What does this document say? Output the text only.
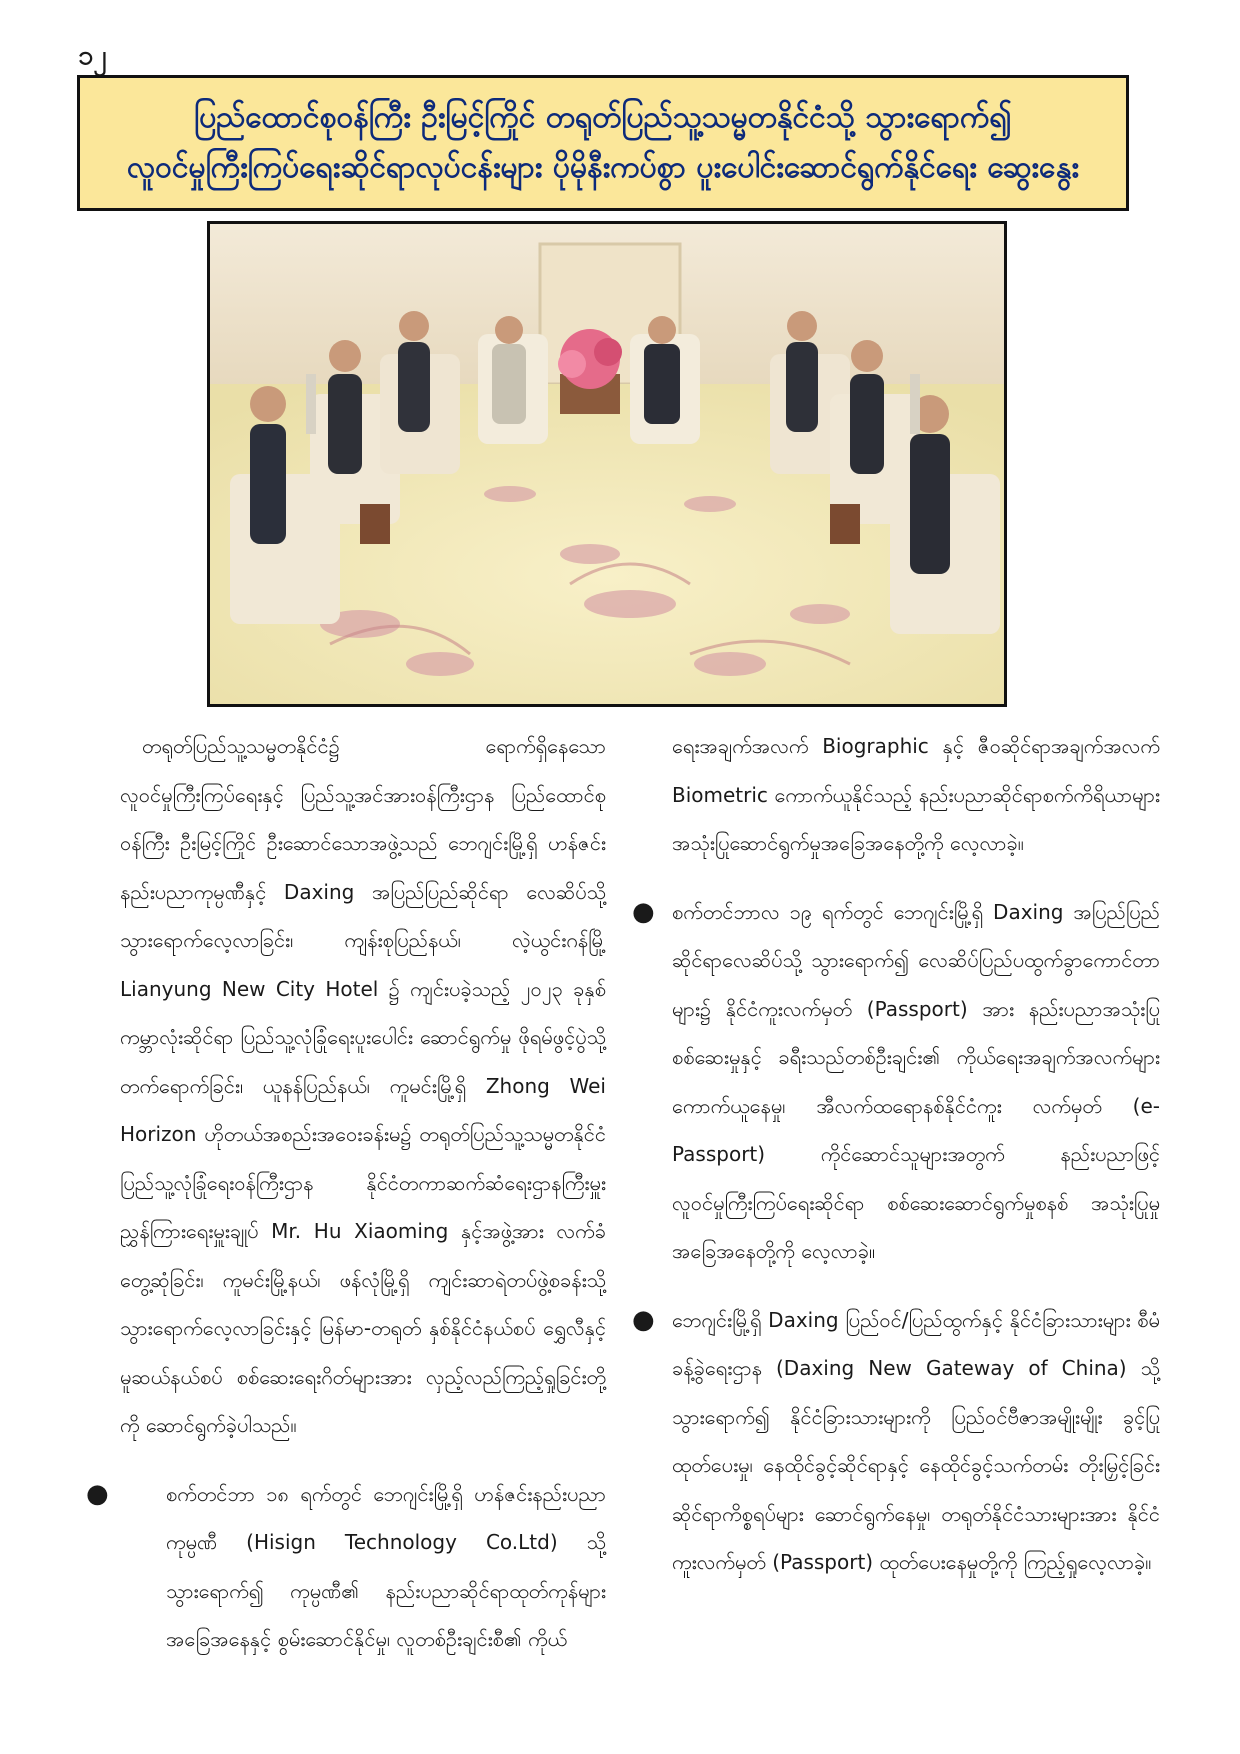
၁၂
ပြည်ထောင်စုဝန်ကြီး ဦးမြင့်ကြိုင် တရုတ်ပြည်သူ့သမ္မတနိုင်ငံသို့ သွားရောက်၍
လူဝင်မှုကြီးကြပ်ရေးဆိုင်ရာလုပ်ငန်းများ ပိုမိုနီးကပ်စွာ ပူးပေါင်းဆောင်ရွက်နိုင်ရေး ဆွေးနွေး

တရုတ်ပြည်သူ့သမ္မတနိုင်ငံ၌ ရောက်ရှိနေသော လူဝင်မှုကြီးကြပ်ရေးနှင့် ပြည်သူ့အင်အားဝန်ကြီးဌာန ပြည်ထောင်စုဝန်ကြီး ဦးမြင့်ကြိုင် ဦးဆောင်သောအဖွဲ့သည် ဘေဂျင်းမြို့ရှိ ဟန်ဇင်းနည်းပညာကုမ္ပဏီနှင့် Daxing အပြည်ပြည်ဆိုင်ရာ လေဆိပ်သို့ သွားရောက်လေ့လာခြင်း၊ ကျန်းစုပြည်နယ်၊ လဲ့ယွင်းဂန်မြို့ Lianyung New City Hotel ၌ ကျင်းပခဲ့သည့် ၂၀၂၃ ခုနှစ် ကမ္ဘာလုံးဆိုင်ရာ ပြည်သူ့လုံခြုံရေးပူးပေါင်း ဆောင်ရွက်မှု ဖိုရမ်ဖွင့်ပွဲသို့တက်ရောက်ခြင်း၊ ယူနန်ပြည်နယ်၊ ကူမင်းမြို့ရှိ Zhong Wei Horizon ဟိုတယ်အစည်းအဝေးခန်းမ၌ တရုတ်ပြည်သူ့သမ္မတနိုင်ငံ ပြည်သူ့လုံခြုံရေးဝန်ကြီးဌာန နိုင်ငံတကာဆက်ဆံရေးဌာနကြီးမှူး ညွှန်ကြားရေးမှူးချုပ် Mr. Hu Xiaoming နှင့်အဖွဲ့အား လက်ခံတွေ့ဆုံခြင်း၊ ကူမင်းမြို့နယ်၊ ဖန်လုံမြို့ရှိ ကျင်းဆာရဲတပ်ဖွဲ့စခန်းသို့သွားရောက်လေ့လာခြင်းနှင့် မြန်မာ-တရုတ် နှစ်နိုင်ငံနယ်စပ် ရွှေလီနှင့် မူဆယ်နယ်စပ် စစ်ဆေးရေးဂိတ်များအား လှည့်လည်ကြည့်ရှုခြင်းတို့ကို ဆောင်ရွက်ခဲ့ပါသည်။

●	စက်တင်ဘာ ၁၈ ရက်တွင် ဘေဂျင်းမြို့ရှိ ဟန်ဇင်းနည်းပညာကုမ္ပဏီ (Hisign Technology Co.Ltd) သို့ သွားရောက်၍ ကုမ္ပဏီ၏ နည်းပညာဆိုင်ရာထုတ်ကုန်များ အခြေအနေနှင့် စွမ်းဆောင်နိုင်မှု၊ လူတစ်ဦးချင်းစီ၏ ကိုယ်

ရေးအချက်အလက် Biographic နှင့် ဇီဝဆိုင်ရာအချက်အလက် Biometric ကောက်ယူနိုင်သည့် နည်းပညာဆိုင်ရာစက်ကိရိယာများ အသုံးပြုဆောင်ရွက်မှုအခြေအနေတို့ကို လေ့လာခဲ့။

● စက်တင်ဘာလ ၁၉ ရက်တွင် ဘေဂျင်းမြို့ရှိ Daxing အပြည်ပြည်ဆိုင်ရာလေဆိပ်သို့ သွားရောက်၍ လေဆိပ်ပြည်ပထွက်ခွာကောင်တာများ၌ နိုင်ငံကူးလက်မှတ် (Passport) အား နည်းပညာအသုံးပြုစစ်ဆေးမှုနှင့် ခရီးသည်တစ်ဦးချင်း၏ ကိုယ်ရေးအချက်အလက်များ ကောက်ယူနေမှု၊ အီလက်ထရောနစ်နိုင်ငံကူး လက်မှတ် (e-Passport) ကိုင်ဆောင်သူများအတွက် နည်းပညာဖြင့် လူဝင်မှုကြီးကြပ်ရေးဆိုင်ရာ စစ်ဆေးဆောင်ရွက်မှုစနစ် အသုံးပြုမှုအခြေအနေတို့ကို လေ့လာခဲ့။
● ဘေဂျင်းမြို့ရှိ Daxing ပြည်ဝင်/ပြည်ထွက်နှင့် နိုင်ငံခြားသားများ စီမံခန့်ခွဲရေးဌာန (Daxing New Gateway of China) သို့ သွားရောက်၍ နိုင်ငံခြားသားများကို ပြည်ဝင်ဗီဇာအမျိုးမျိုး ခွင့်ပြုထုတ်ပေးမှု၊ နေထိုင်ခွင့်ဆိုင်ရာနှင့် နေထိုင်ခွင့်သက်တမ်း တိုးမြှင့်ခြင်းဆိုင်ရာကိစ္စရပ်များ ဆောင်ရွက်နေမှု၊ တရုတ်နိုင်ငံသားများအား နိုင်ငံကူးလက်မှတ် (Passport) ထုတ်ပေးနေမှုတို့ကို ကြည့်ရှုလေ့လာခဲ့။
